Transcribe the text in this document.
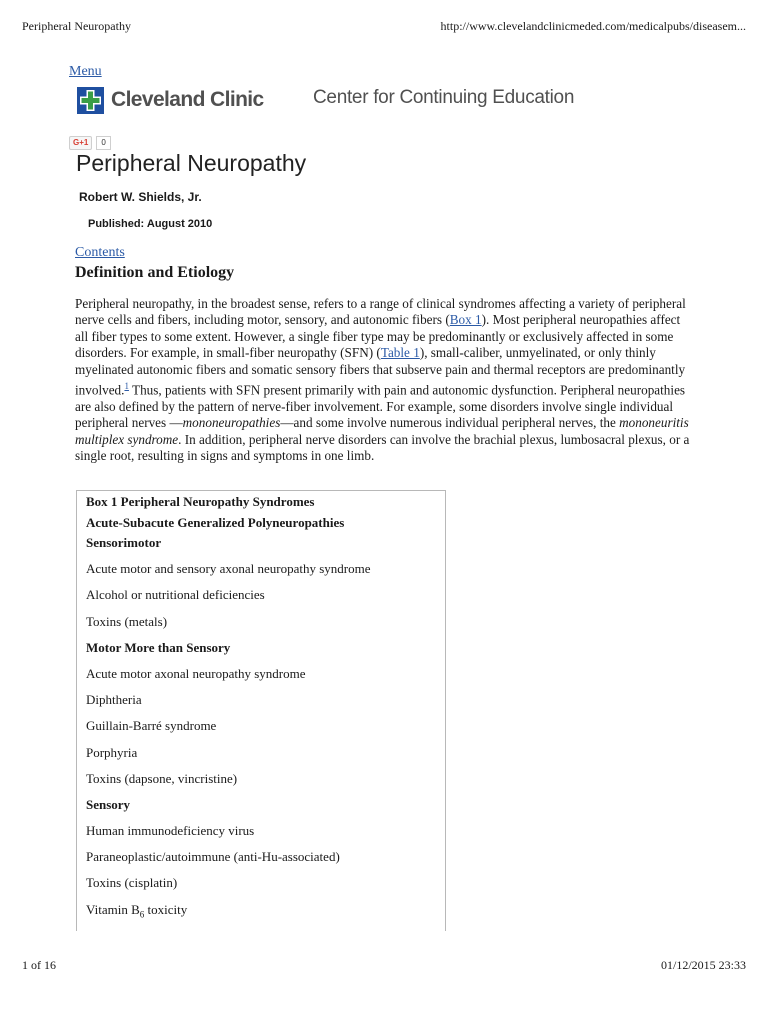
Peripheral Neuropathy	http://www.clevelandclinicmeded.com/medicalpubs/diseasem...
Menu
Cleveland Clinic	Center for Continuing Education
G+1	0
Peripheral Neuropathy
Robert W. Shields, Jr.
Published: August 2010
Contents
Definition and Etiology

Peripheral neuropathy, in the broadest sense, refers to a range of clinical syndromes affecting a variety of peripheral nerve cells and fibers, including motor, sensory, and autonomic fibers (Box 1). Most peripheral neuropathies affect all fiber types to some extent. However, a single fiber type may be predominantly or exclusively affected in some disorders. For example, in small-fiber neuropathy (SFN) (Table 1), small-caliber, unmyelinated, or only thinly myelinated autonomic fibers and somatic sensory fibers that subserve pain and thermal receptors are predominantly involved.$^1$ Thus, patients with SFN present primarily with pain and autonomic dysfunction. Peripheral neuropathies are also defined by the pattern of nerve-fiber involvement. For example, some disorders involve single individual peripheral nerves —mononeuropathies—and some involve numerous individual peripheral nerves, the mononeuritis multiplex syndrome. In addition, peripheral nerve disorders can involve the brachial plexus, lumbosacral plexus, or a single root, resulting in signs and symptoms in one limb.

Box 1 Peripheral Neuropathy Syndromes
Acute-Subacute Generalized Polyneuropathies
Sensorimotor
Acute motor and sensory axonal neuropathy syndrome
Alcohol or nutritional deficiencies
Toxins (metals)
Motor More than Sensory
Acute motor axonal neuropathy syndrome
Diphtheria
Guillain-Barré syndrome
Porphyria
Toxins (dapsone, vincristine)
Sensory
Human immunodeficiency virus
Paraneoplastic/autoimmune (anti-Hu-associated)
Toxins (cisplatin)
Vitamin $B_6$ toxicity
1 of 16	01/12/2015 23:33
